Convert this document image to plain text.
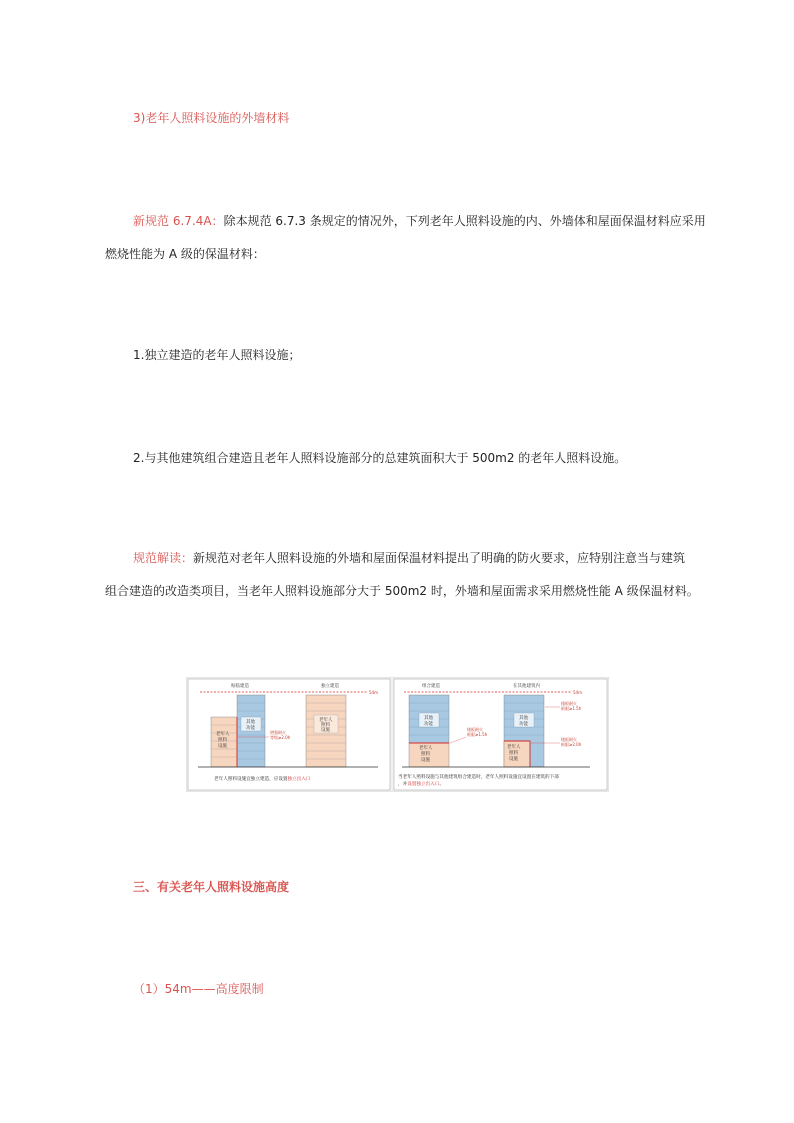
3)老年人照料设施的外墙材料
新规范 6.7.4A：除本规范 6.7.3 条规定的情况外，下列老年人照料设施的内、外墙体和屋面保温材料应采用
燃烧性能为 A 级的保温材料：
1.独立建造的老年人照料设施；
2.与其他建筑组合建造且老年人照料设施部分的总建筑面积大于 500m2 的老年人照料设施。
规范解读：新规范对老年人照料设施的外墙和屋面保温材料提出了明确的防火要求，应特别注意当与建筑
组合建造的改造类项目，当老年人照料设施部分大于 500m2 时，外墙和屋面需求采用燃烧性能 A 级保温材料。
贴临建造	独立建造
54m
老年人
照料
设施
其他
功能
增强耐火
等级≥2.0h
老年人
照料
设施
老年人照料设施宜独立建造，应设置独立出入口
组合建造	在其他建筑内
54m
其他
功能
老年人
照料
设施
楼板耐火
极限≥1.5h
其他
功能
老年人
照料
设施
楼板耐火
极限≥1.5h
楼板耐火
极限≥2.0h
当老年人照料设施与其他建筑组合建造时，老年人照料设施宜设置在建筑的下部
，并设置独立出入口。
三、有关老年人照料设施高度
（1）54m——高度限制
